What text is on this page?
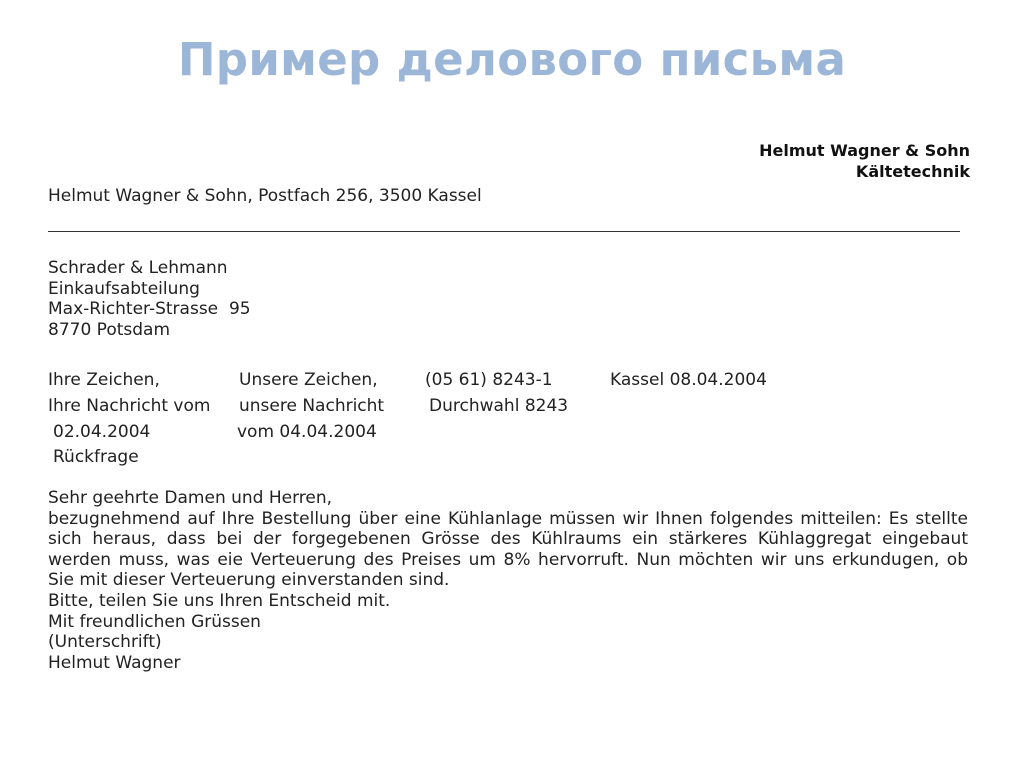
Пример делового письма
Helmut Wagner & Sohn
Kältetechnik
Helmut Wagner & Sohn, Postfach 256, 3500 Kassel
Schrader & Lehmann
Einkaufsabteilung
Max-Richter-Strasse  95
8770 Potsdam
Ihre Zeichen,
Ihre Nachricht vom
02.04.2004
Rückfrage
Unsere Zeichen,
unsere Nachricht
vom 04.04.2004
(05 61) 8243-1
Durchwahl 8243
Kassel 08.04.2004
Sehr geehrte Damen und Herren,
bezugnehmend auf Ihre Bestellung über eine Kühlanlage müssen wir Ihnen folgendes mitteilen: Es stellte
sich heraus, dass bei der forgegebenen Grösse des Kühlraums ein stärkeres Kühlaggregat eingebaut
werden muss, was eie Verteuerung des Preises um 8% hervorruft. Nun möchten wir uns erkundugen, ob
Sie mit dieser Verteuerung einverstanden sind.
Bitte, teilen Sie uns Ihren Entscheid mit.
Mit freundlichen Grüssen
(Unterschrift)
Helmut Wagner
